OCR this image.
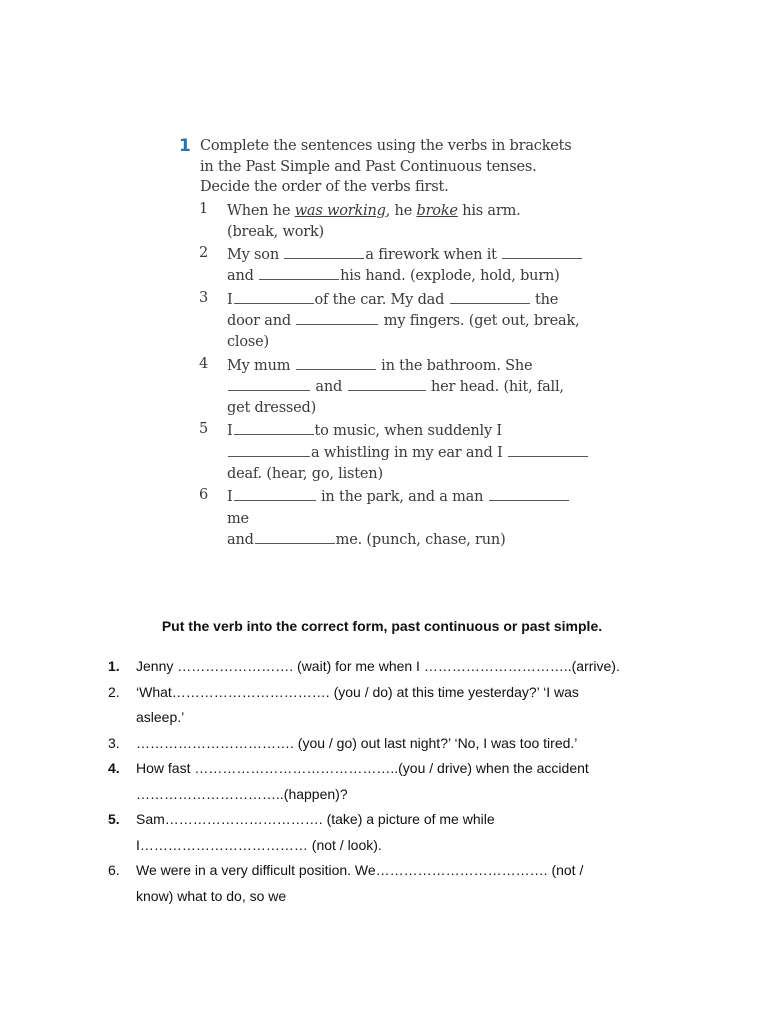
1 Complete the sentences using the verbs in brackets in the Past Simple and Past Continuous tenses. Decide the order of the verbs first.
1	When he was working, he broke his arm.
(break, work)
2	My son	a firework when it
and	his hand. (explode, hold, burn)
3	I	of the car. My dad	the
door and	my fingers. (get out, break,
close)
4	My mum	in the bathroom. She
and	her head. (hit, fall,
get dressed)
5	I	to music, when suddenly I
a whistling in my ear and I
deaf. (hear, go, listen)
6	I	in the park, and a man  me
and	me. (punch, chase, run)
Put the verb into the correct form, past continuous or past simple.
1.	Jenny ……………………. (wait) for me when I …………………………..(arrive).
2.	‘What……………………………. (you / do) at this time yesterday?’ ‘I was
asleep.’
3.	……………………………. (you / go) out last night?’ ‘No, I was too tired.’
4.	How fast ……………………………………..(you / drive) when the accident
…………………………..(happen)?
5.	Sam……………………………. (take) a picture of me while
I……………………………… (not / look).
6.	We were in a very difficult position. We………………………………. (not /
know) what to do, so we
